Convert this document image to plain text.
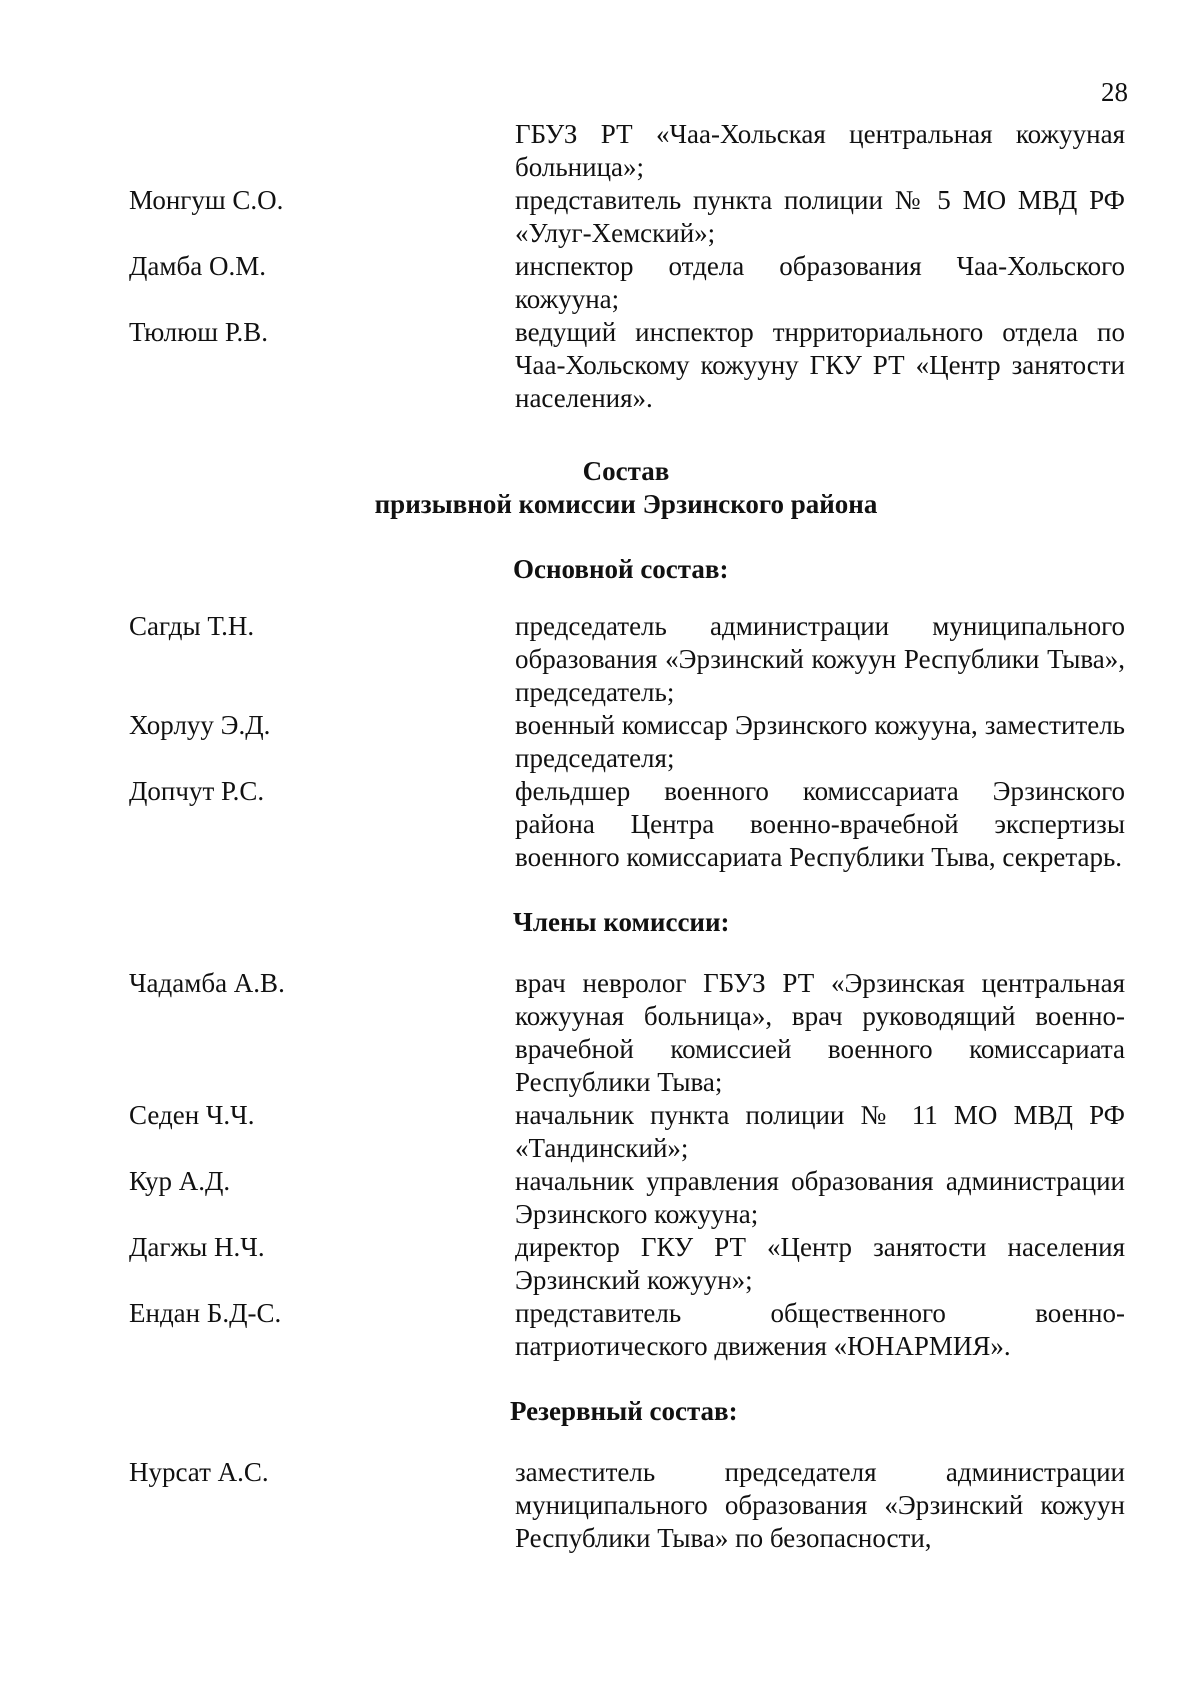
28
ГБУЗ РТ «Чаа-Хольская центральная кожууная больница»;
Монгуш С.О.	представитель пункта полиции № 5 МО МВД РФ «Улуг-Хемский»;
Дамба О.М.	инспектор отдела образования Чаа-Хольского кожууна;
Тюлюш Р.В.	ведущий инспектор тнрриториального отдела по Чаа-Хольскому кожууну ГКУ РТ «Центр занятости населения».
Состав
призывной комиссии Эрзинского района
Основной состав:
Сагды Т.Н.	председатель администрации муниципального образования «Эрзинский кожуун Республики Тыва», председатель;
Хорлуу Э.Д.	военный комиссар Эрзинского кожууна, заместитель председателя;
Допчут Р.С.	фельдшер военного комиссариата Эрзинского района Центра военно-врачебной экспертизы военного комиссариата Республики Тыва, секретарь.
Члены комиссии:
Чадамба А.В.	врач невролог ГБУЗ РТ «Эрзинская центральная кожууная больница», врач руководящий военно-врачебной комиссией военного комиссариата Республики Тыва;
Седен Ч.Ч.	начальник пункта полиции № 11 МО МВД РФ «Тандинский»;
Кур А.Д.	начальник управления образования администрации Эрзинского кожууна;
Дагжы Н.Ч.	директор ГКУ РТ «Центр занятости населения Эрзинский кожуун»;
Ендан Б.Д-С.	представитель общественного военно-патриотического движения «ЮНАРМИЯ».
Резервный состав:
Нурсат А.С.	заместитель председателя администрации муниципального образования «Эрзинский кожуун Республики Тыва» по безопасности,
